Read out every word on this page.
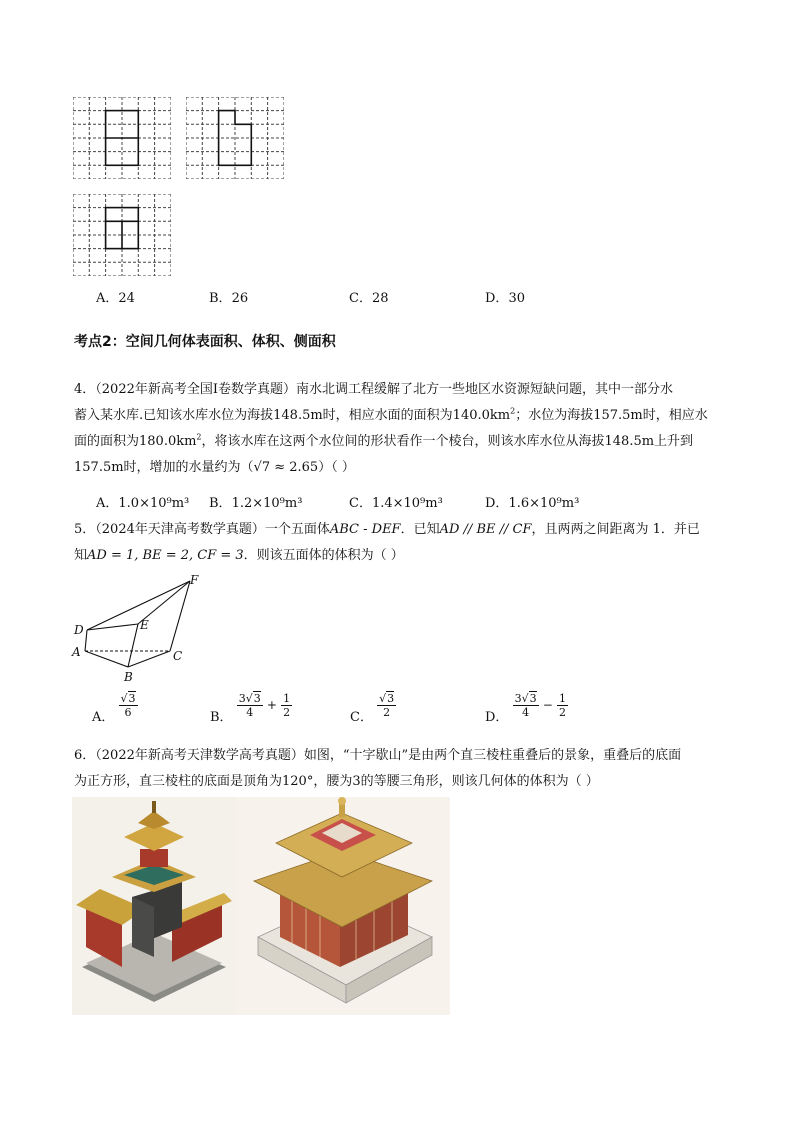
A．24	B．26	C．28	D．30
考点2：空间几何体表面积、体积、侧面积
4．（2022年新高考全国Ⅰ卷数学真题）南水北调工程缓解了北方一些地区水资源短缺问题，其中一部分水
蓄入某水库.已知该水库水位为海拔148.5m时，相应水面的面积为$140.0km^2$；水位为海拔157.5m时，相应水
面的面积为$180.0km^2$，将该水库在这两个水位间的形状看作一个棱台，则该水库水位从海拔148.5m上升到
157.5m时，增加的水量约为（√7 ≈ 2.65）（ ）
A．1.0×10⁹m³ B．1.2×10⁹m³	C．1.4×10⁹m³	D．1.6×10⁹m³
5．（2024年天津高考数学真题）一个五面体ABC - DEF．已知AD // BE // CF，且两两之间距离为 1．并已
知AD = 1, BE = 2, CF = 3．则该五面体的体积为（ ）
F
D	E
A	C
B
A． $\frac{√3}{6}$	B． $\frac{3√3}{4} + \frac{1}{2}$	C． $\frac{√3}{2}$	D． $\frac{3√3}{4} - \frac{1}{2}$
6．（2022年新高考天津数学高考真题）如图，“十字歇山”是由两个直三棱柱重叠后的景象，重叠后的底面
为正方形，直三棱柱的底面是顶角为120°，腰为3的等腰三角形，则该几何体的体积为（ ）
